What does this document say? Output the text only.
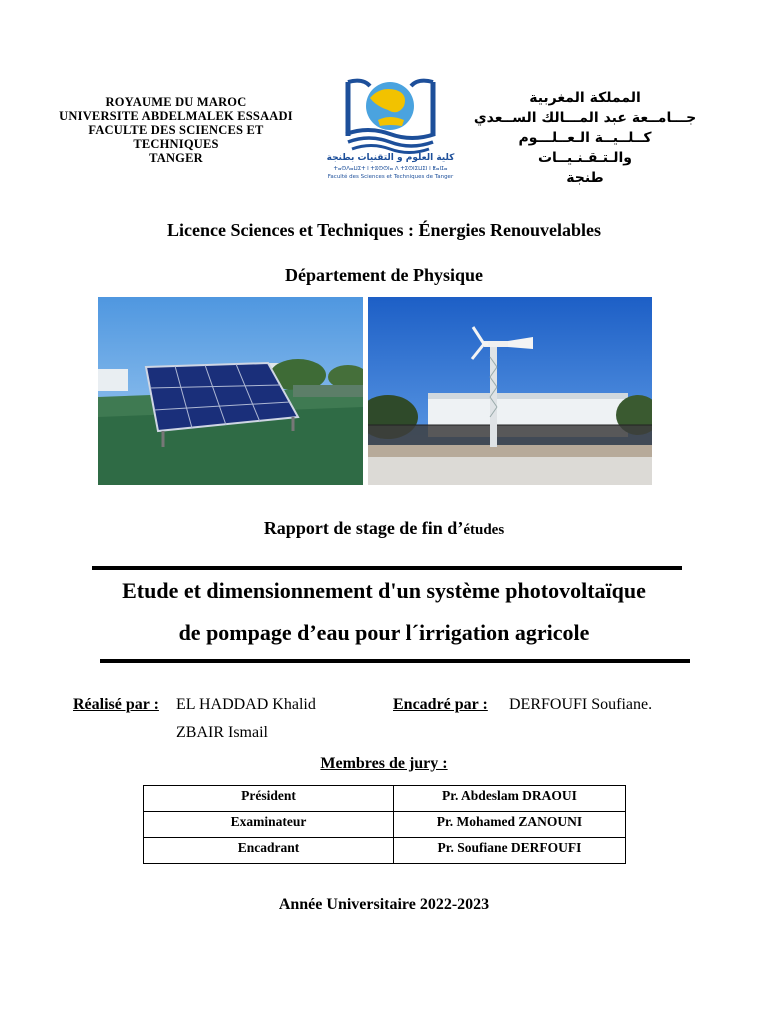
ROYAUME DU MAROC
UNIVERSITE ABDELMALEK ESSAADI
FACULTE DES SCIENCES ET
TECHNIQUES
TANGER	كلية العلوم و التقنيات بطنجة
ⵜⴰⵙⴷⴰⵡⵉⵜ ⵏ ⵜⵓⵙⵙⵏⴰ ⴷ ⵜⵉⵙⵏⵉⵡⵉⵏ ⵏ ⵟⴰⵏⵊⴰ
Faculté des Sciences et Techniques de Tanger
المملكة المغربية
جـــامــعة عبد المـــالك الســعدي
كــلــيــة الـعــلـــوم والـتـقـنـيــات
طنجة
Licence Sciences et Techniques : Énergies Renouvelables
Département de Physique
Rapport de stage de fin d’études
Etude et dimensionnement d'un système photovoltaïque
de pompage d’eau pour l´irrigation agricole
Réalisé par : EL HADDAD Khalid
ZBAIR Ismail
Encadré par : DERFOUFI Soufiane.
Membres de jury :
Président	Pr. Abdeslam DRAOUI
Examinateur	Pr. Mohamed ZANOUNI
Encadrant	Pr. Soufiane DERFOUFI
Année Universitaire 2022-2023
